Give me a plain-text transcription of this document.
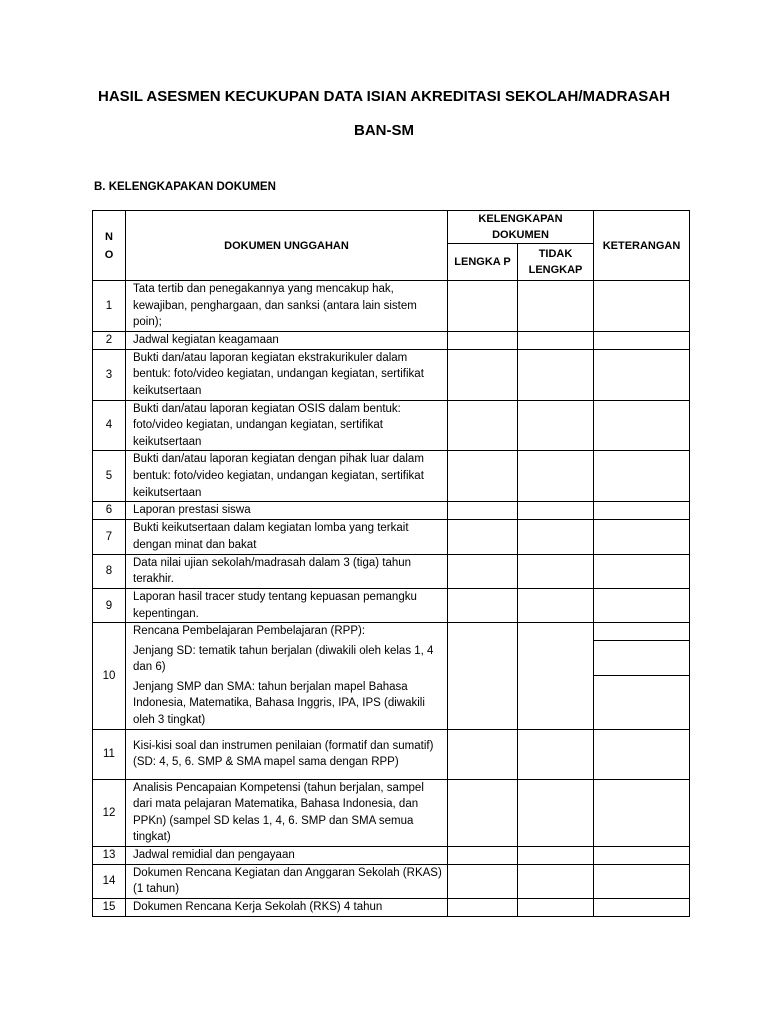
HASIL ASESMEN KECUKUPAN DATA ISIAN AKREDITASI SEKOLAH/MADRASAH
BAN-SM
B. KELENGKAPAKAN DOKUMEN
N O	DOKUMEN UNGGAHAN	KELENGKAPAN DOKUMEN		KETERANGAN
		LENGKA P	TIDAK LENGKAP	
1	Tata tertib dan penegakannya yang mencakup hak, kewajiban, penghargaan, dan sanksi (antara lain sistem poin);			
2	Jadwal kegiatan keagamaan			
3	Bukti dan/atau laporan kegiatan ekstrakurikuler dalam bentuk: foto/video kegiatan, undangan kegiatan, sertifikat keikutsertaan			
4	Bukti dan/atau laporan kegiatan OSIS dalam bentuk: foto/video kegiatan, undangan kegiatan, sertifikat keikutsertaan			
5	Bukti dan/atau laporan kegiatan dengan pihak luar dalam bentuk: foto/video kegiatan, undangan kegiatan, sertifikat keikutsertaan			
6	Laporan prestasi siswa			
7	Bukti keikutsertaan dalam kegiatan lomba yang terkait dengan minat dan bakat			
8	Data nilai ujian sekolah/madrasah dalam 3 (tiga) tahun terakhir.			
9	Laporan hasil tracer study tentang kepuasan pemangku kepentingan.			
10	Rencana Pembelajaran Pembelajaran (RPP):
Jenjang SD: tematik tahun berjalan (diwakili oleh kelas 1, 4 dan 6)
Jenjang SMP dan SMA: tahun berjalan mapel Bahasa Indonesia, Matematika, Bahasa Inggris, IPA, IPS (diwakili oleh 3 tingkat)			

11	Kisi-kisi soal dan instrumen penilaian (formatif dan sumatif) (SD: 4, 5, 6. SMP & SMA mapel sama dengan RPP)			
12	Analisis Pencapaian Kompetensi (tahun berjalan, sampel dari mata pelajaran Matematika, Bahasa Indonesia, dan PPKn) (sampel SD kelas 1, 4, 6. SMP dan SMA semua tingkat)			
13	Jadwal remidial dan pengayaan			
14	Dokumen Rencana Kegiatan dan Anggaran Sekolah (RKAS) (1 tahun)			
15	Dokumen Rencana Kerja Sekolah (RKS) 4 tahun			
